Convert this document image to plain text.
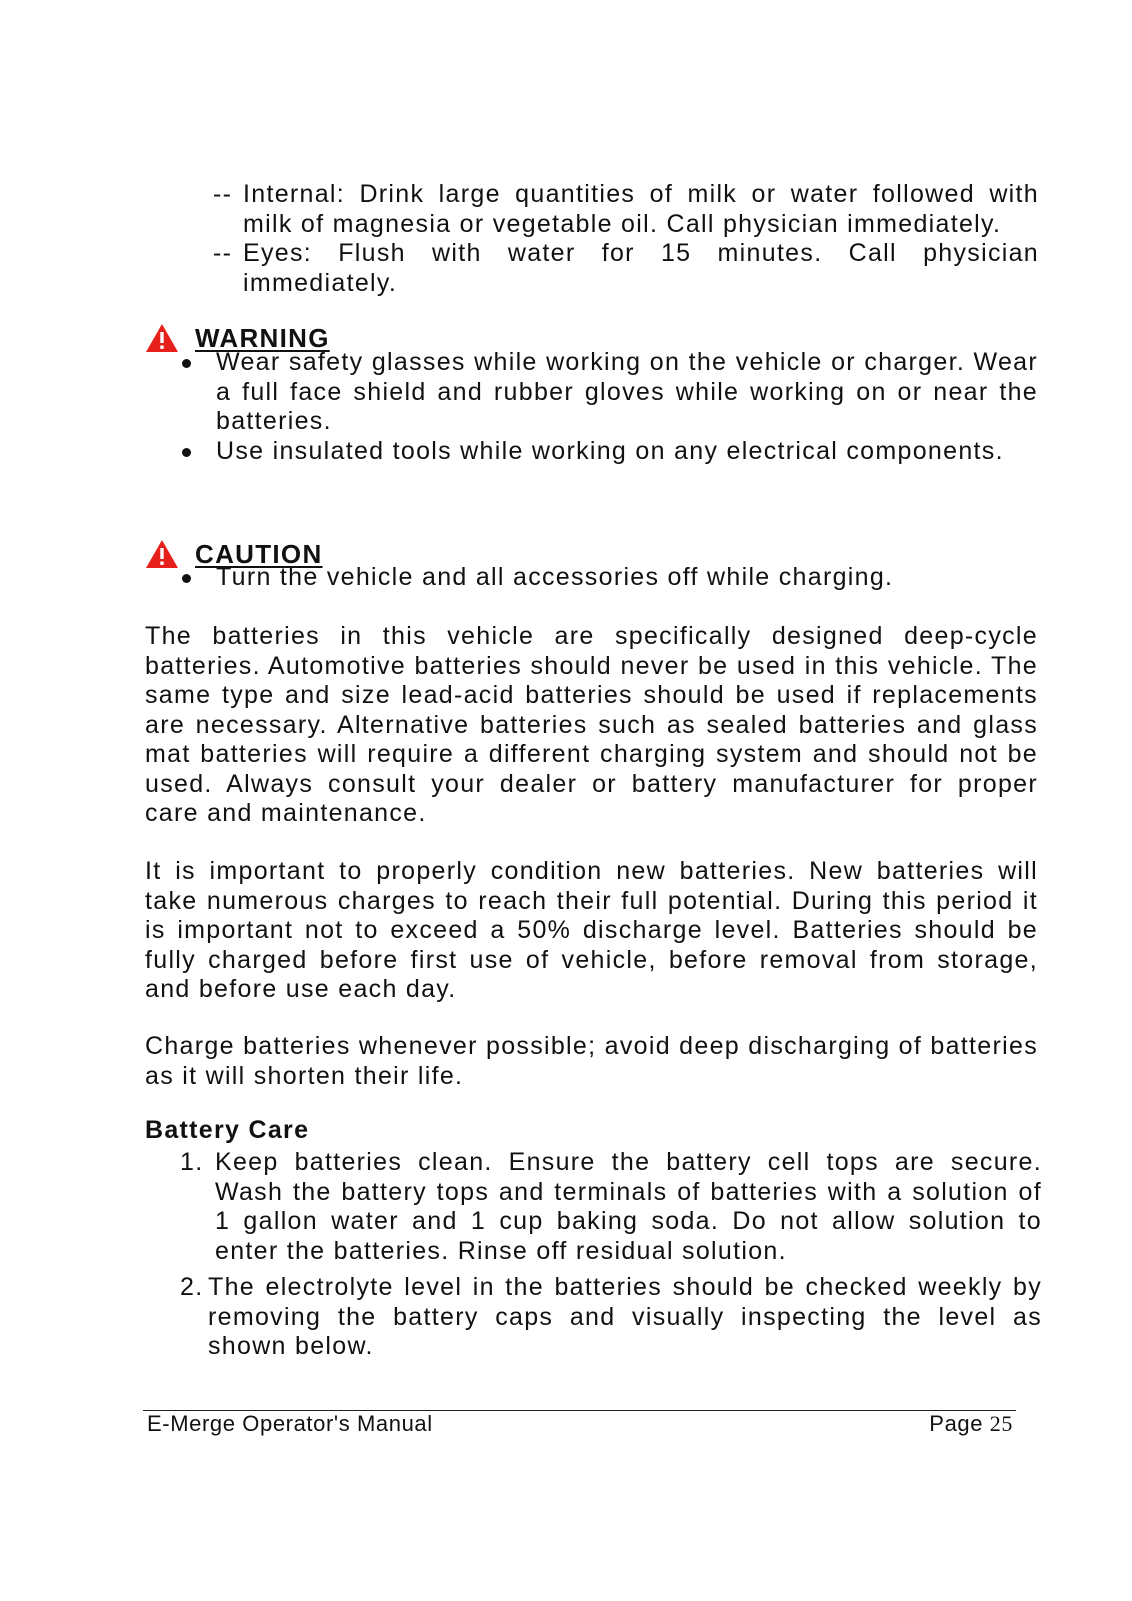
-- Internal: Drink large quantities of milk or water followed with milk of magnesia or vegetable oil. Call physician immediately.
-- Eyes: Flush with water for 15 minutes. Call physician immediately.
WARNING
Wear safety glasses while working on the vehicle or charger. Wear a full face shield and rubber gloves while working on or near the batteries.
Use insulated tools while working on any electrical components.
CAUTION
Turn the vehicle and all accessories off while charging.

The batteries in this vehicle are specifically designed deep-cycle batteries. Automotive batteries should never be used in this vehicle. The same type and size lead-acid batteries should be used if replacements are necessary. Alternative batteries such as sealed batteries and glass mat batteries will require a different charging system and should not be used. Always consult your dealer or battery manufacturer for proper care and maintenance.

It is important to properly condition new batteries. New batteries will take numerous charges to reach their full potential. During this period it is important not to exceed a 50% discharge level. Batteries should be fully charged before first use of vehicle, before removal from storage, and before use each day.

Charge batteries whenever possible; avoid deep discharging of batteries as it will shorten their life.

Battery Care
1. Keep batteries clean. Ensure the battery cell tops are secure. Wash the battery tops and terminals of batteries with a solution of 1 gallon water and 1 cup baking soda. Do not allow solution to enter the batteries. Rinse off residual solution.
2. The electrolyte level in the batteries should be checked weekly by removing the battery caps and visually inspecting the level as shown below.
E-Merge Operator's Manual	Page 25
